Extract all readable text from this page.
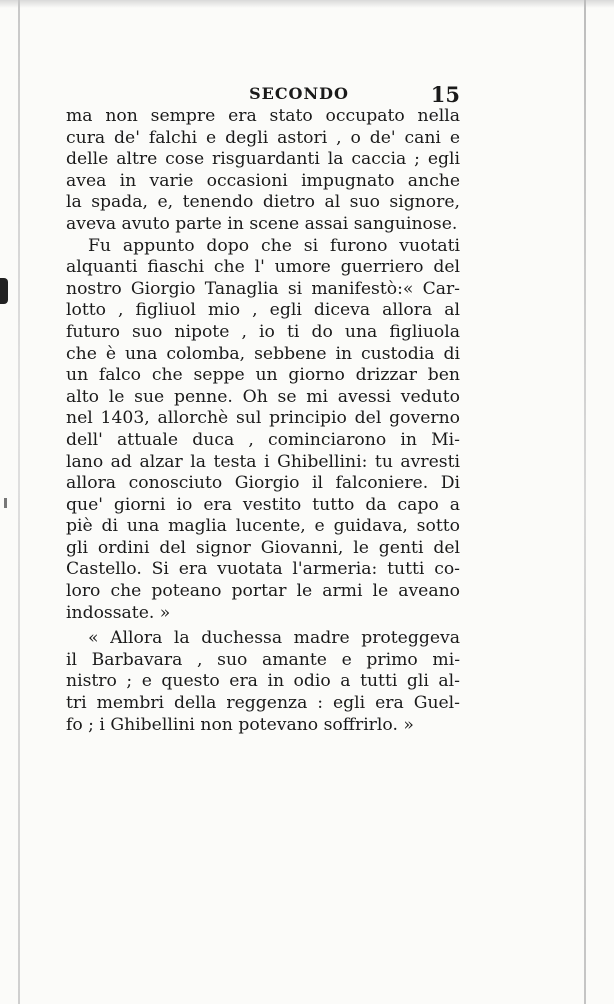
SECONDO	15
ma non sempre era stato occupato nella
cura de' falchi e degli astori , o de' cani e
delle altre cose risguardanti la caccia ; egli
avea in varie occasioni impugnato anche
la spada, e, tenendo dietro al suo signore,
aveva avuto parte in scene assai sanguinose.
Fu appunto dopo che si furono vuotati
alquanti fiaschi che l' umore guerriero del
nostro Giorgio Tanaglia si manifestò:« Car-
lotto , figliuol mio , egli diceva allora al
futuro suo nipote , io ti do una figliuola
che è una colomba, sebbene in custodia di
un falco che seppe un giorno drizzar ben
alto le sue penne. Oh se mi avessi veduto
nel 1403, allorchè sul principio del governo
dell' attuale duca , cominciarono in Mi-
lano ad alzar la testa i Ghibellini: tu avresti
allora conosciuto Giorgio il falconiere. Di
que' giorni io era vestito tutto da capo a
piè di una maglia lucente, e guidava, sotto
gli ordini del signor Giovanni, le genti del
Castello. Si era vuotata l'armeria: tutti co-
loro che poteano portar le armi le aveano
indossate. »
« Allora la duchessa madre proteggeva
il Barbavara , suo amante e primo mi-
nistro ; e questo era in odio a tutti gli al-
tri membri della reggenza : egli era Guel-
fo ; i Ghibellini non potevano soffrirlo. »
